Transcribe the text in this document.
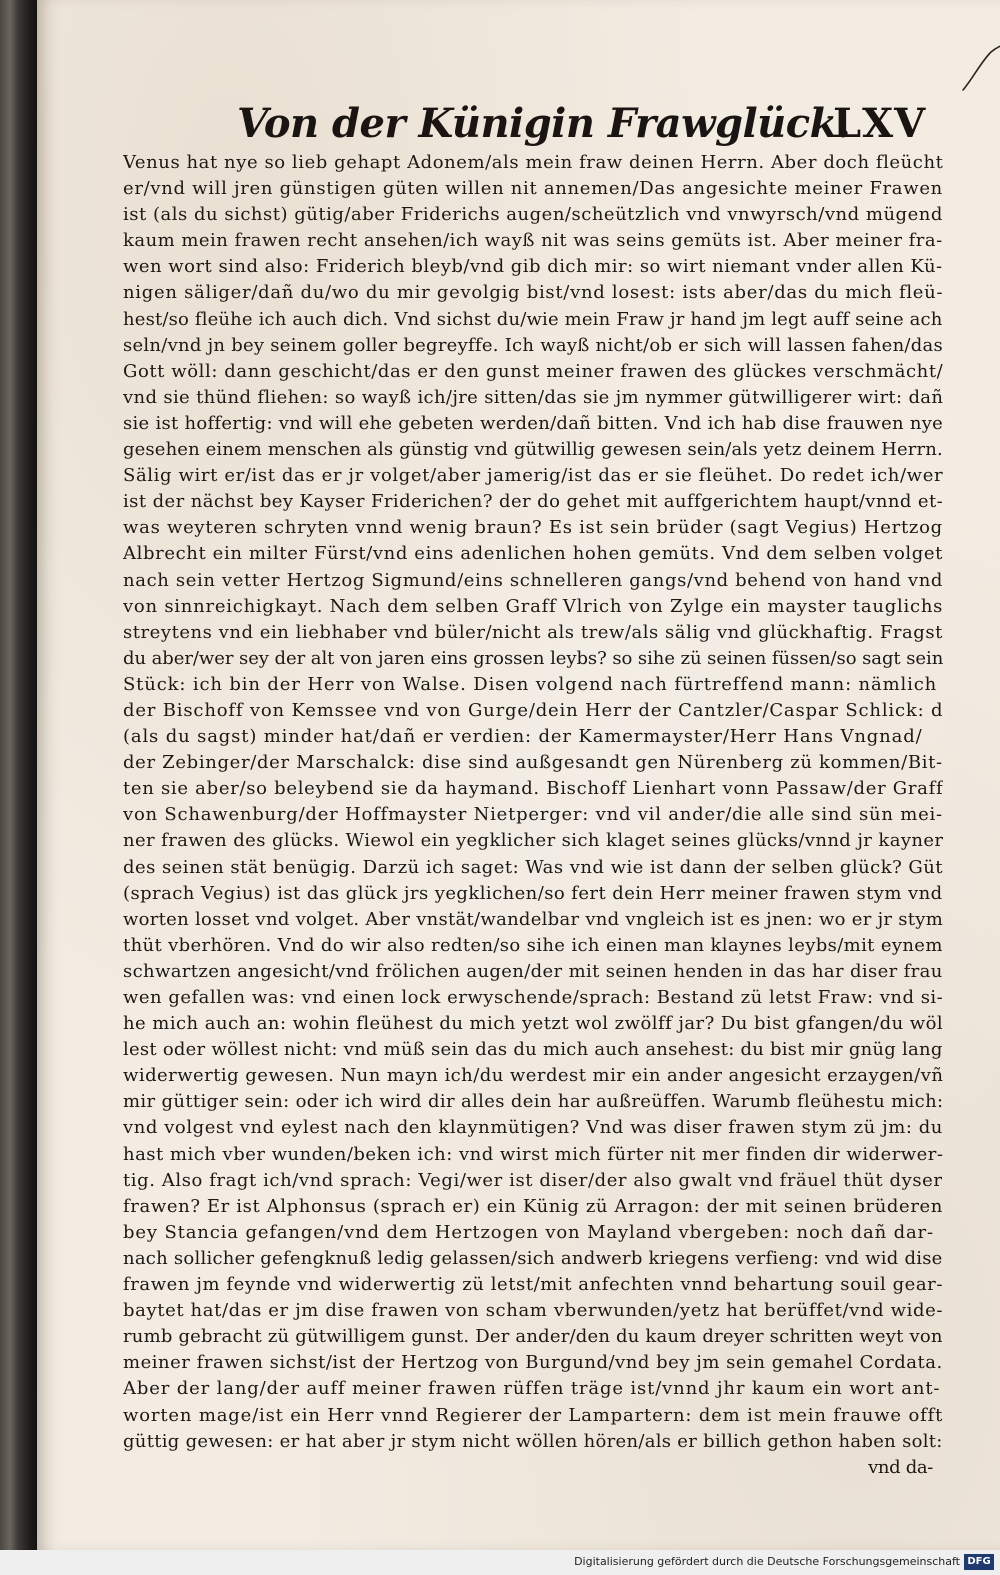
Von der Künigin Frawglück.
LXV
Venus hat nye so lieb gehapt Adonem/als mein fraw deinen Herrn. Aber doch fleücht
er/vnd will jren günstigen güten willen nit annemen/Das angesichte meiner Frawen
ist (als du sichst) gütig/aber Friderichs augen/scheützlich vnd vnwyrsch/vnd mügend
kaum mein frawen recht ansehen/ich wayß nit was seins gemüts ist. Aber meiner fra-
wen wort sind also: Friderich bleyb/vnd gib dich mir: so wirt niemant vnder allen Kü-
nigen säliger/dañ du/wo du mir gevolgig bist/vnd losest: ists aber/das du mich fleü-
hest/so fleühe ich auch dich. Vnd sichst du/wie mein Fraw jr hand jm legt auff seine ach
seln/vnd jn bey seinem goller begreyffe. Ich wayß nicht/ob er sich will lassen fahen/das
Gott wöll: dann geschicht/das er den gunst meiner frawen des glückes verschmächt/
vnd sie thünd fliehen: so wayß ich/jre sitten/das sie jm nymmer gütwilligerer wirt: dañ
sie ist hoffertig: vnd will ehe gebeten werden/dañ bitten. Vnd ich hab dise frauwen nye
gesehen einem menschen als günstig vnd gütwillig gewesen sein/als yetz deinem Herrn.
Sälig wirt er/ist das er jr volget/aber jamerig/ist das er sie fleühet. Do redet ich/wer
ist der nächst bey Kayser Friderichen? der do gehet mit auffgerichtem haupt/vnnd et-
was weyteren schryten vnnd wenig braun? Es ist sein brüder (sagt Vegius) Hertzog
Albrecht ein milter Fürst/vnd eins adenlichen hohen gemüts. Vnd dem selben volget
nach sein vetter Hertzog Sigmund/eins schnelleren gangs/vnd behend von hand vnd
von sinnreichigkayt. Nach dem selben Graff Vlrich von Zylge ein mayster tauglichs
streytens vnd ein liebhaber vnd büler/nicht als trew/als sälig vnd glückhaftig. Fragst
du aber/wer sey der alt von jaren eins grossen leybs? so sihe zü seinen füssen/so sagt sein
Stück: ich bin der Herr von Walse. Disen volgend nach fürtreffend mann: nämlich
der Bischoff von Kemssee vnd von Gurge/dein Herr der Cantzler/Caspar Schlick: d
(als du sagst) minder hat/dañ er verdien: der Kamermayster/Herr Hans Vngnad/
der Zebinger/der Marschalck: dise sind außgesandt gen Nürenberg zü kommen/Bit-
ten sie aber/so beleybend sie da haymand. Bischoff Lienhart vonn Passaw/der Graff
von Schawenburg/der Hoffmayster Nietperger: vnd vil ander/die alle sind sün mei-
ner frawen des glücks. Wiewol ein yegklicher sich klaget seines glücks/vnnd jr kayner
des seinen stät benügig. Darzü ich saget: Was vnd wie ist dann der selben glück? Güt
(sprach Vegius) ist das glück jrs yegklichen/so fert dein Herr meiner frawen stym vnd
worten losset vnd volget. Aber vnstät/wandelbar vnd vngleich ist es jnen: wo er jr stym
thüt vberhören. Vnd do wir also redten/so sihe ich einen man klaynes leybs/mit eynem
schwartzen angesicht/vnd frölichen augen/der mit seinen henden in das har diser frau
wen gefallen was: vnd einen lock erwyschende/sprach: Bestand zü letst Fraw: vnd si-
he mich auch an: wohin fleühest du mich yetzt wol zwölff jar? Du bist gfangen/du wöl
lest oder wöllest nicht: vnd müß sein das du mich auch ansehest: du bist mir gnüg lang
widerwertig gewesen. Nun mayn ich/du werdest mir ein ander angesicht erzaygen/vñ
mir güttiger sein: oder ich wird dir alles dein har außreüffen. Warumb fleühestu mich:
vnd volgest vnd eylest nach den klaynmütigen? Vnd was diser frawen stym zü jm: du
hast mich vber wunden/beken ich: vnd wirst mich fürter nit mer finden dir widerwer-
tig. Also fragt ich/vnd sprach: Vegi/wer ist diser/der also gwalt vnd fräuel thüt dyser
frawen? Er ist Alphonsus (sprach er) ein Künig zü Arragon: der mit seinen brüderen
bey Stancia gefangen/vnd dem Hertzogen von Mayland vbergeben: noch dañ dar-
nach sollicher gefengknuß ledig gelassen/sich andwerb kriegens verfieng: vnd wid dise
frawen jm feynde vnd widerwertig zü letst/mit anfechten vnnd behartung souil gear-
baytet hat/das er jm dise frawen von scham vberwunden/yetz hat berüffet/vnd wide-
rumb gebracht zü gütwilligem gunst. Der ander/den du kaum dreyer schritten weyt von
meiner frawen sichst/ist der Hertzog von Burgund/vnd bey jm sein gemahel Cordata.
Aber der lang/der auff meiner frawen rüffen träge ist/vnnd jhr kaum ein wort ant-
worten mage/ist ein Herr vnnd Regierer der Lampartern: dem ist mein frauwe offt
güttig gewesen: er hat aber jr stym nicht wöllen hören/als er billich gethon haben solt:
vnd da-
Digitalisierung gefördert durch die Deutsche Forschungsgemeinschaft DFG
